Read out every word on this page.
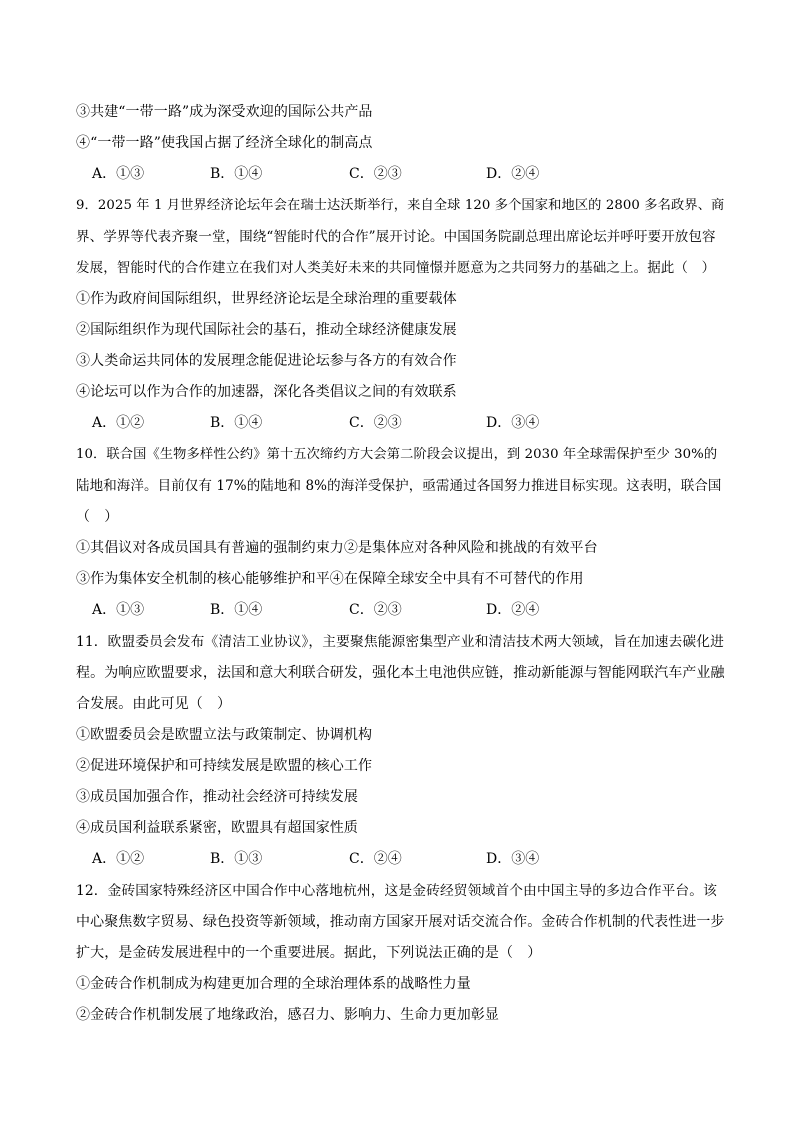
③共建“一带一路”成为深受欢迎的国际公共产品
④“一带一路”使我国占据了经济全球化的制高点
A．①③	B．①④	C．②③	D．②④
9．2025 年 1 月世界经济论坛年会在瑞士达沃斯举行，来自全球 120 多个国家和地区的 2800 多名政界、商
界、学界等代表齐聚一堂，围绕“智能时代的合作”展开讨论。中国国务院副总理出席论坛并呼吁要开放包容
发展，智能时代的合作建立在我们对人类美好未来的共同憧憬并愿意为之共同努力的基础之上。据此（　）
①作为政府间国际组织，世界经济论坛是全球治理的重要载体
②国际组织作为现代国际社会的基石，推动全球经济健康发展
③人类命运共同体的发展理念能促进论坛参与各方的有效合作
④论坛可以作为合作的加速器，深化各类倡议之间的有效联系
A．①②	B．①④	C．②③	D．③④
10．联合国《生物多样性公约》第十五次缔约方大会第二阶段会议提出，到 2030 年全球需保护至少 30%的
陆地和海洋。目前仅有 17%的陆地和 8%的海洋受保护，亟需通过各国努力推进目标实现。这表明，联合国
（　）
①其倡议对各成员国具有普遍的强制约束力②是集体应对各种风险和挑战的有效平台
③作为集体安全机制的核心能够维护和平④在保障全球安全中具有不可替代的作用
A．①③	B．①④	C．②③	D．②④
11．欧盟委员会发布《清洁工业协议》，主要聚焦能源密集型产业和清洁技术两大领域，旨在加速去碳化进
程。为响应欧盟要求，法国和意大利联合研发，强化本土电池供应链，推动新能源与智能网联汽车产业融
合发展。由此可见（　）
①欧盟委员会是欧盟立法与政策制定、协调机构
②促进环境保护和可持续发展是欧盟的核心工作
③成员国加强合作，推动社会经济可持续发展
④成员国利益联系紧密，欧盟具有超国家性质
A．①②	B．①③	C．②④	D．③④
12．金砖国家特殊经济区中国合作中心落地杭州，这是金砖经贸领域首个由中国主导的多边合作平台。该
中心聚焦数字贸易、绿色投资等新领域，推动南方国家开展对话交流合作。金砖合作机制的代表性进一步
扩大，是金砖发展进程中的一个重要进展。据此，下列说法正确的是（　）
①金砖合作机制成为构建更加合理的全球治理体系的战略性力量
②金砖合作机制发展了地缘政治，感召力、影响力、生命力更加彰显
